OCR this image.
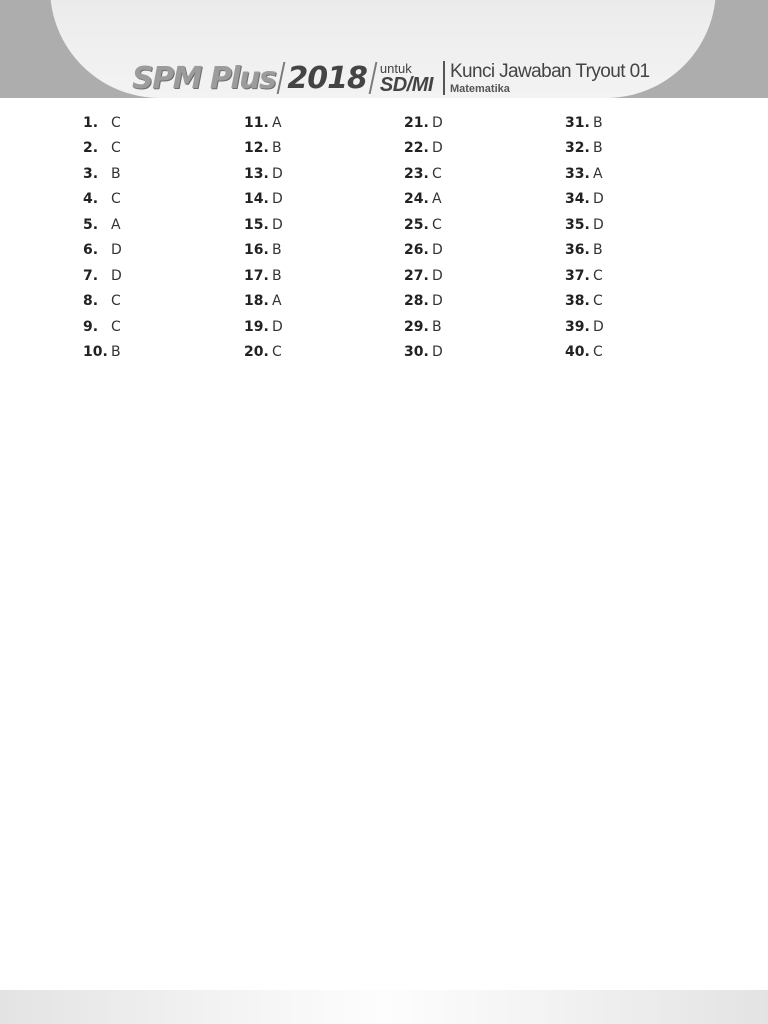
SPM Plus 2018 untuk
SD/MI
Kunci Jawaban Tryout 01
Matematika
1. C
2. C
3. B
4. C
5. A
6. D
7. D
8. C
9. C
10. B
11. A
12. B
13. D
14. D
15. D
16. B
17. B
18. A
19. D
20. C
21. D
22. D
23. C
24. A
25. C
26. D
27. D
28. D
29. B
30. D
31. B
32. B
33. A
34. D
35. D
36. B
37. C
38. C
39. D
40. C
